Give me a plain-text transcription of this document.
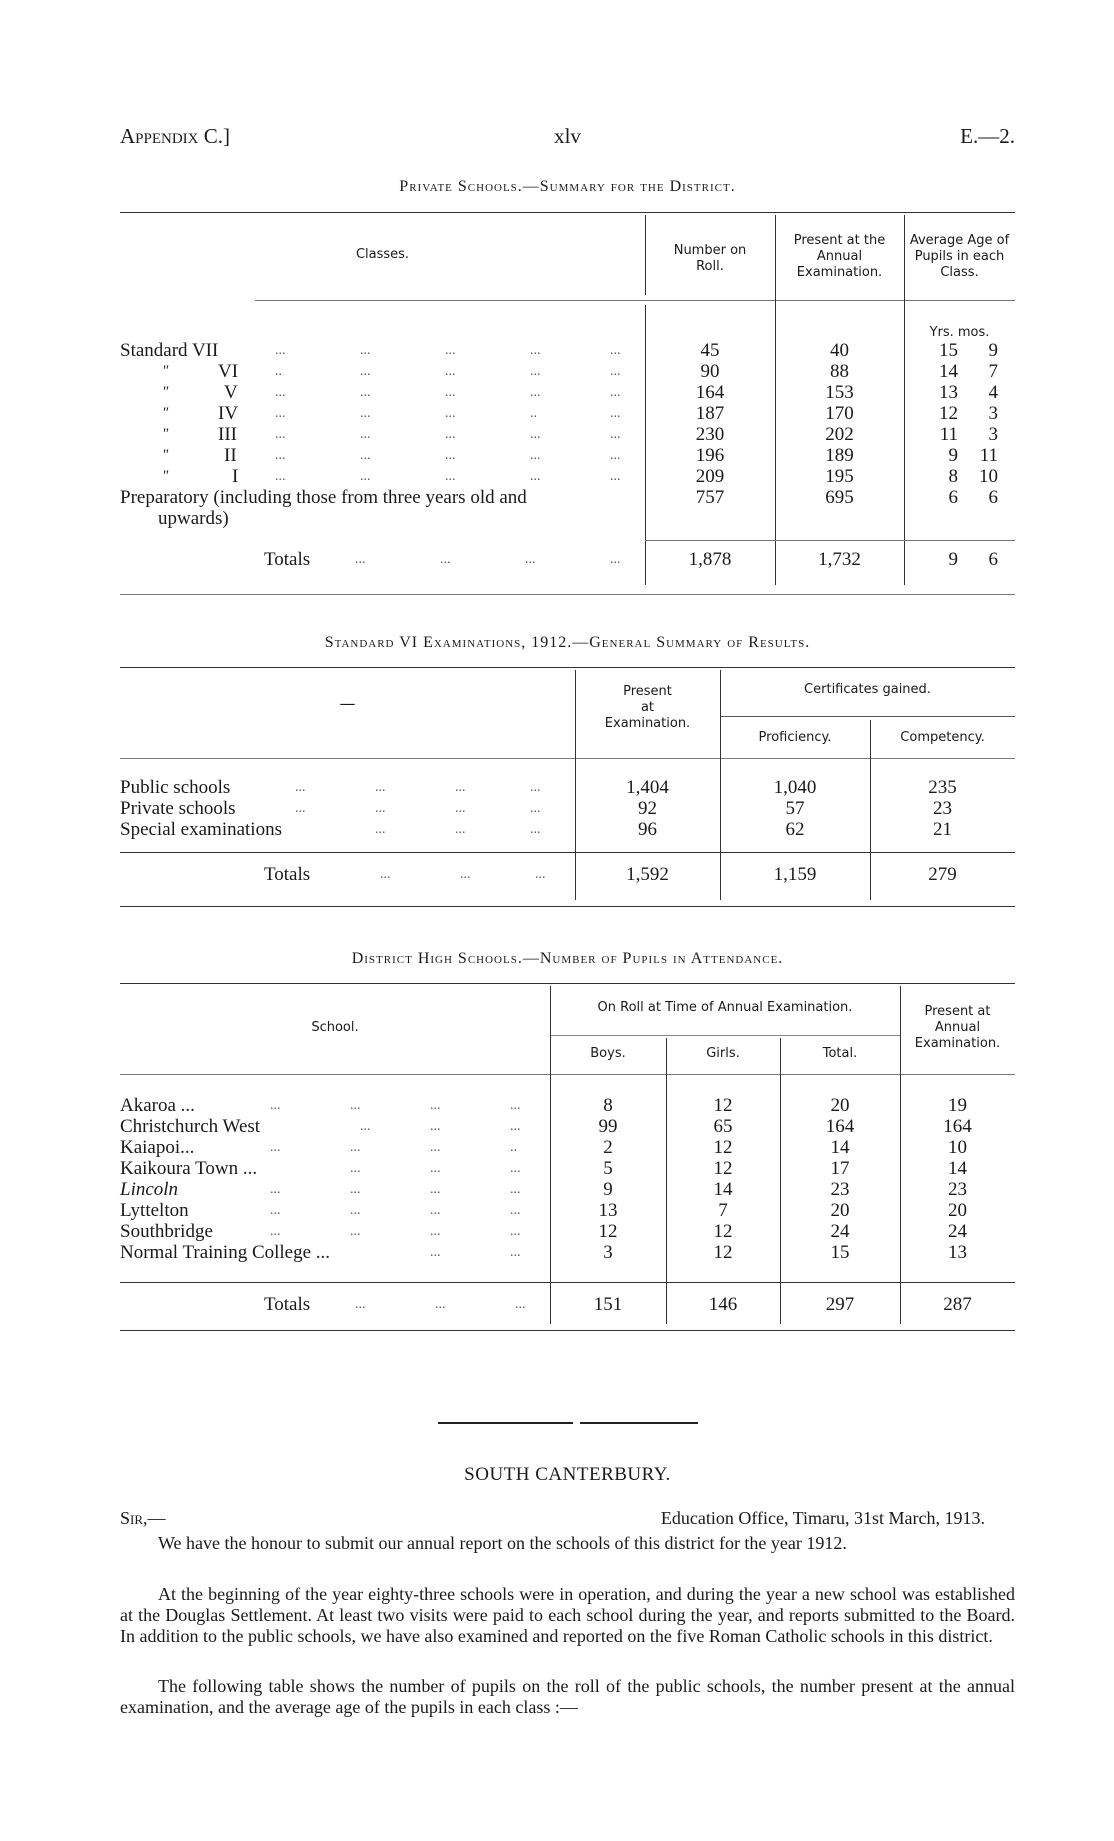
Appendix C.]	xlv	E.—2.
Private Schools.—Summary for the District.
Classes.	Number on
Roll.
Present at the
Annual
Examination.
Average Age of
Pupils in each
Class.
Yrs. mos.
Standard VII	...	...	...	...	...	45	40	15	9
"	VI	..	...	...	...	...	90	88	14	7
"	V	...	...	...	...	...	164	153	13	4
"	IV	...	...	...	..	...	187	170	12	3
"	III	...	...	...	...	...	230	202	11	3
"	II	...	...	...	...	...	196	189	9	11
"	I	...	...	...	...	...	209	195	8	10
Preparatory (including those from three years old and	757	695	6	6
upwards)
Totals	...	...	...	...	1,878	1,732	9	6
Standard VI Examinations, 1912.—General Summary of Results.
—
Present
at
Examination.
Certificates gained.
Proficiency.	Competency.
Public schools	...	...	...	...	1,404	1,040	235
Private schools	...	...	...	...	92	57	23
Special examinations	...	...	...	96	62	21
Totals	...	...	...	1,592	1,159	279
District High Schools.—Number of Pupils in Attendance.
School.
On Roll at Time of Annual Examination.
Boys.	Girls.	Total.
Present at
Annual
Examination.
Akaroa ...	...	...	...	...	8	12	20	19
Christchurch West	...	...	...	99	65	164	164
Kaiapoi...	...	...	...	..	2	12	14	10
Kaikoura Town ...	...	...	...	5	12	17	14
Lincoln	...	...	...	...	9	14	23	23
Lyttelton	...	...	...	...	13	7	20	20
Southbridge	...	...	...	...	12	12	24	24
Normal Training College ...	...	...	3	12	15	13
Totals	...	...	...	151	146	297	287
SOUTH CANTERBURY.
Sir,—	Education Office, Timaru, 31st March, 1913.
We have the honour to submit our annual report on the schools of this district for the year 1912.
At the beginning of the year eighty-three schools were in operation, and during the year a new school was established at the Douglas Settlement. At least two visits were paid to each school during the year, and reports submitted to the Board. In addition to the public schools, we have also examined and reported on the five Roman Catholic schools in this district.
The following table shows the number of pupils on the roll of the public schools, the number present at the annual examination, and the average age of the pupils in each class :—
